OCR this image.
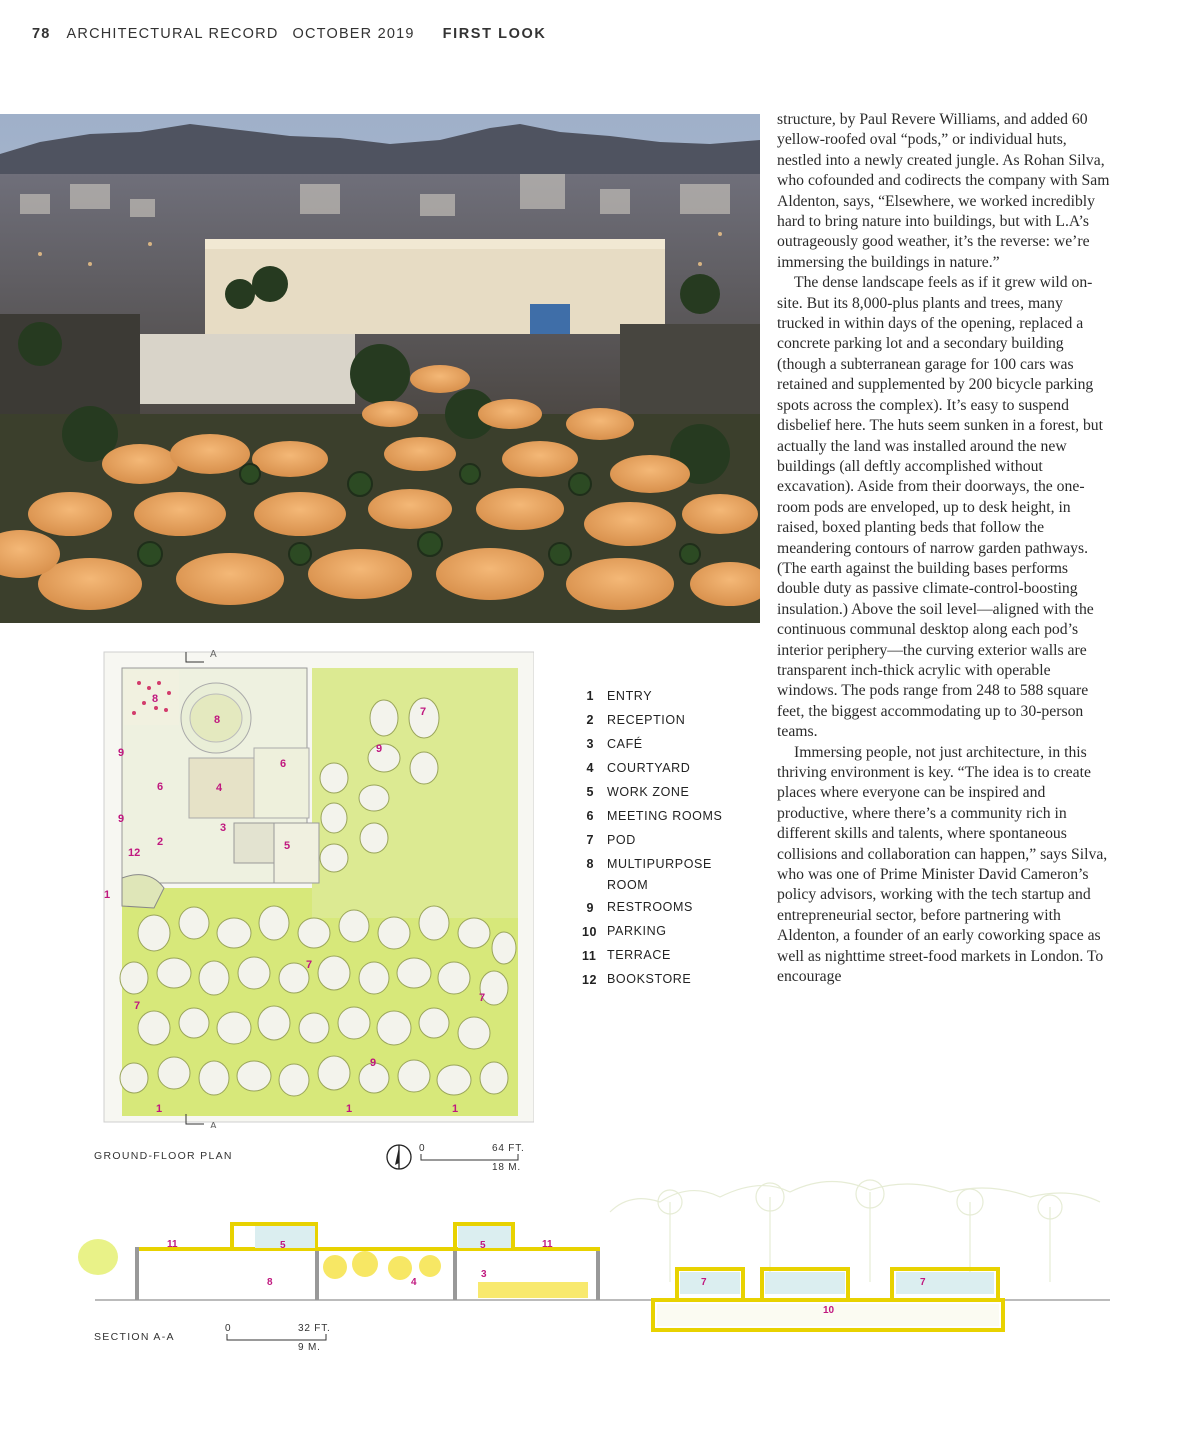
78 ARCHITECTURAL RECORD OCTOBER 2019 FIRST LOOK

structure, by Paul Revere Williams, and added 60 yellow-roofed oval “pods,” or individual huts, nestled into a newly created jungle. As Rohan Silva, who cofounded and codirects the company with Sam Aldenton, says, “Elsewhere, we worked incredibly hard to bring nature into buildings, but with L.A’s outrageously good weather, it’s the reverse: we’re immersing the buildings in nature.”

The dense landscape feels as if it grew wild on-site. But its 8,000-plus plants and trees, many trucked in within days of the opening, replaced a concrete parking lot and a secondary building (though a subterranean garage for 100 cars was retained and supplemented by 200 bicycle parking spots across the complex). It’s easy to suspend disbelief here. The huts seem sunken in a forest, but actually the land was installed around the new buildings (all deftly accomplished without excavation). Aside from their doorways, the one-room pods are enveloped, up to desk height, in raised, boxed planting beds that follow the meandering contours of narrow garden pathways. (The earth against the building bases performs double duty as passive climate-control-boosting insulation.) Above the soil level—aligned with the continuous communal desktop along each pod’s interior periphery—the curving exterior walls are transparent inch-thick acrylic with operable windows. The pods range from 248 to 588 square feet, the biggest accommodating up to 30-person teams.

Immersing people, not just architecture, in this thriving environment is key. “The idea is to create places where everyone can be inspired and productive, where there’s a community rich in different skills and talents, where spontaneous collisions and collaboration can happen,” says Silva, who was one of Prime Minister David Cameron’s policy advisors, working with the tech startup and entrepreneurial sector, before partnering with Aldenton, a founder of an early coworking space as well as nighttime street-food markets in London. To encourage

A
A
8
8
9
6
6
4
9
3
12
2	5
7
9
1
7
7
7
9
1	1	1
1 ENTRY
2 RECEPTION
3 CAFÉ
4 COURTYARD
5 WORK ZONE
6 MEETING ROOMS
7 POD
8 MULTIPURPOSE ROOM
9 RESTROOMS
10 PARKING
11 TERRACE
12 BOOKSTORE
GROUND-FLOOR PLAN
0	64 FT.
18 M.
11	5
8	4
3
5	11
7	7
10
SECTION A-A
0	32 FT.
9 M.
